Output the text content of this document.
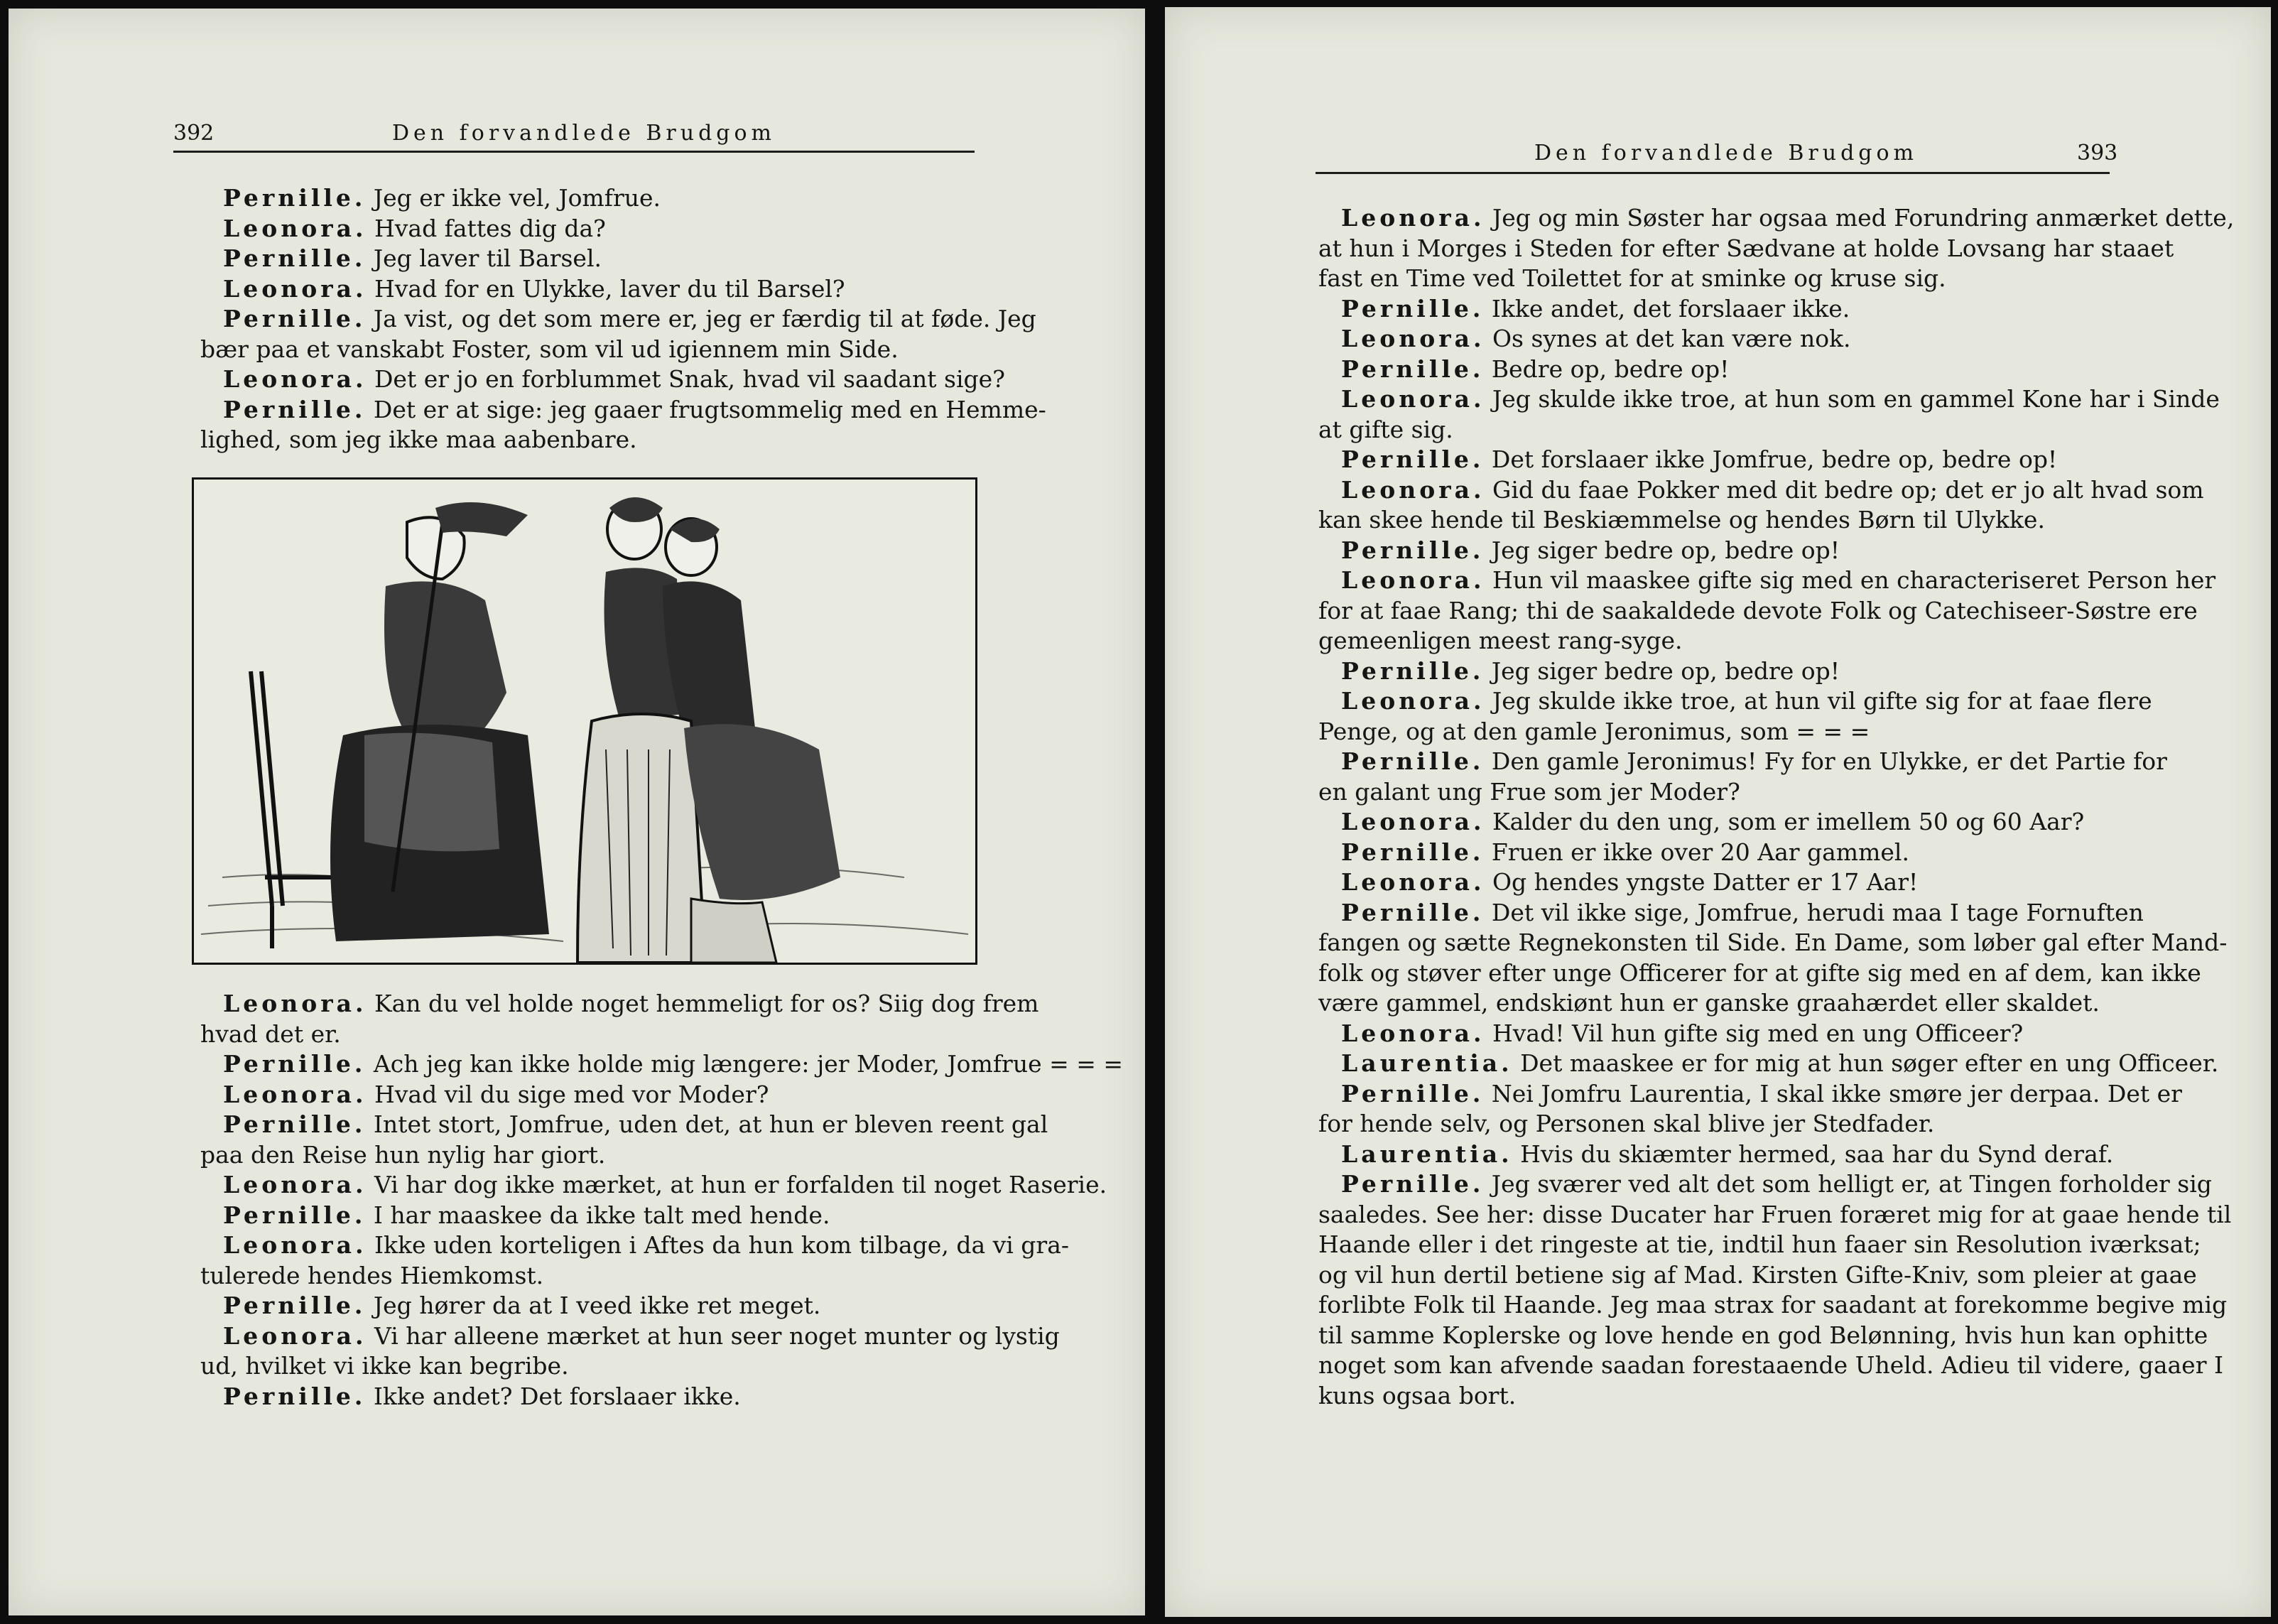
392	Den forvandlede Brudgom
Pernille. Jeg er ikke vel, Jomfrue.
Leonora. Hvad fattes dig da?
Pernille. Jeg laver til Barsel.
Leonora. Hvad for en Ulykke, laver du til Barsel?
Pernille. Ja vist, og det som mere er, jeg er færdig til at føde. Jeg
bær paa et vanskabt Foster, som vil ud igiennem min Side.
Leonora. Det er jo en forblummet Snak, hvad vil saadant sige?
Pernille. Det er at sige: jeg gaaer frugtsommelig med en Hemme-
lighed, som jeg ikke maa aabenbare.
Leonora. Kan du vel holde noget hemmeligt for os? Siig dog frem
hvad det er.
Pernille. Ach jeg kan ikke holde mig længere: jer Moder, Jomfrue = = =
Leonora. Hvad vil du sige med vor Moder?
Pernille. Intet stort, Jomfrue, uden det, at hun er bleven reent gal
paa den Reise hun nylig har giort.
Leonora. Vi har dog ikke mærket, at hun er forfalden til noget Raserie.
Pernille. I har maaskee da ikke talt med hende.
Leonora. Ikke uden korteligen i Aftes da hun kom tilbage, da vi gra-
tulerede hendes Hiemkomst.
Pernille. Jeg hører da at I veed ikke ret meget.
Leonora. Vi har alleene mærket at hun seer noget munter og lystig
ud, hvilket vi ikke kan begribe.
Pernille. Ikke andet? Det forslaaer ikke.
Den forvandlede Brudgom	393
Leonora. Jeg og min Søster har ogsaa med Forundring anmærket dette,
at hun i Morges i Steden for efter Sædvane at holde Lovsang har staaet
fast en Time ved Toilettet for at sminke og kruse sig.
Pernille. Ikke andet, det forslaaer ikke.
Leonora. Os synes at det kan være nok.
Pernille. Bedre op, bedre op!
Leonora. Jeg skulde ikke troe, at hun som en gammel Kone har i Sinde
at gifte sig.
Pernille. Det forslaaer ikke Jomfrue, bedre op, bedre op!
Leonora. Gid du faae Pokker med dit bedre op; det er jo alt hvad som
kan skee hende til Beskiæmmelse og hendes Børn til Ulykke.
Pernille. Jeg siger bedre op, bedre op!
Leonora. Hun vil maaskee gifte sig med en characteriseret Person her
for at faae Rang; thi de saakaldede devote Folk og Catechiseer-Søstre ere
gemeenligen meest rang-syge.
Pernille. Jeg siger bedre op, bedre op!
Leonora. Jeg skulde ikke troe, at hun vil gifte sig for at faae flere
Penge, og at den gamle Jeronimus, som = = =
Pernille. Den gamle Jeronimus! Fy for en Ulykke, er det Partie for
en galant ung Frue som jer Moder?
Leonora. Kalder du den ung, som er imellem 50 og 60 Aar?
Pernille. Fruen er ikke over 20 Aar gammel.
Leonora. Og hendes yngste Datter er 17 Aar!
Pernille. Det vil ikke sige, Jomfrue, herudi maa I tage Fornuften
fangen og sætte Regnekonsten til Side. En Dame, som løber gal efter Mand-
folk og støver efter unge Officerer for at gifte sig med en af dem, kan ikke
være gammel, endskiønt hun er ganske graahærdet eller skaldet.
Leonora. Hvad! Vil hun gifte sig med en ung Officeer?
Laurentia. Det maaskee er for mig at hun søger efter en ung Officeer.
Pernille. Nei Jomfru Laurentia, I skal ikke smøre jer derpaa. Det er
for hende selv, og Personen skal blive jer Stedfader.
Laurentia. Hvis du skiæmter hermed, saa har du Synd deraf.
Pernille. Jeg sværer ved alt det som helligt er, at Tingen forholder sig
saaledes. See her: disse Ducater har Fruen foræret mig for at gaae hende til
Haande eller i det ringeste at tie, indtil hun faaer sin Resolution iværksat;
og vil hun dertil betiene sig af Mad. Kirsten Gifte-Kniv, som pleier at gaae
forlibte Folk til Haande. Jeg maa strax for saadant at forekomme begive mig
til samme Koplerske og love hende en god Belønning, hvis hun kan ophitte
noget som kan afvende saadan forestaaende Uheld. Adieu til videre, gaaer I
kuns ogsaa bort.
